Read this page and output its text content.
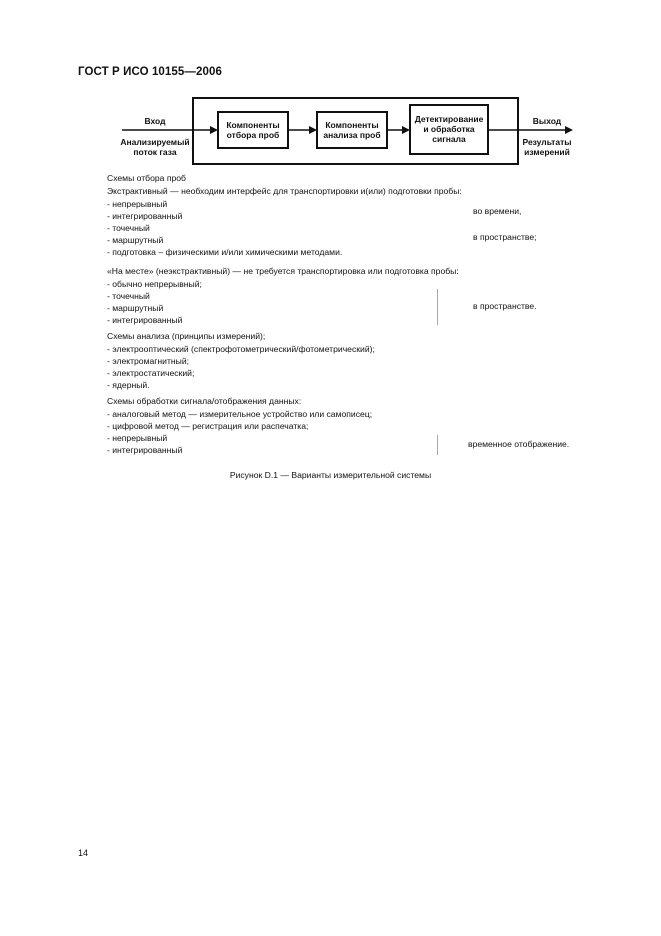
ГОСТ Р ИСО 10155—2006
Вход
Анализируемый
поток газа
Компоненты
отбора проб
Компоненты
анализа проб
Детектирование
и обработка
сигнала
Выход
Результаты
измерений
Схемы отбора проб
Экстрактивный — необходим интерфейс для транспортировки и(или) подготовки пробы:
- непрерывный
- интегрированный
- точечный
- маршрутный
- подготовка – физическими и/или химическими методами.
во времени,
в пространстве;
«На месте» (неэкстрактивный) — не требуется транспортировка или подготовка пробы:
- обычно непрерывный;
- точечный
- маршрутный
- интегрированный
в пространстве.
Схемы анализа (принципы измерений);
- электрооптический (спектрофотометрический/фотометрический);
- электромагнитный;
- электростатический;
- ядерный.
Схемы обработки сигнала/отображения данных:
- аналоговый метод — измерительное устройство или самописец;
- цифровой метод — регистрация или распечатка;
- непрерывный
- интегрированный
временное отображение.
Рисунок D.1 — Варианты измерительной системы
14
